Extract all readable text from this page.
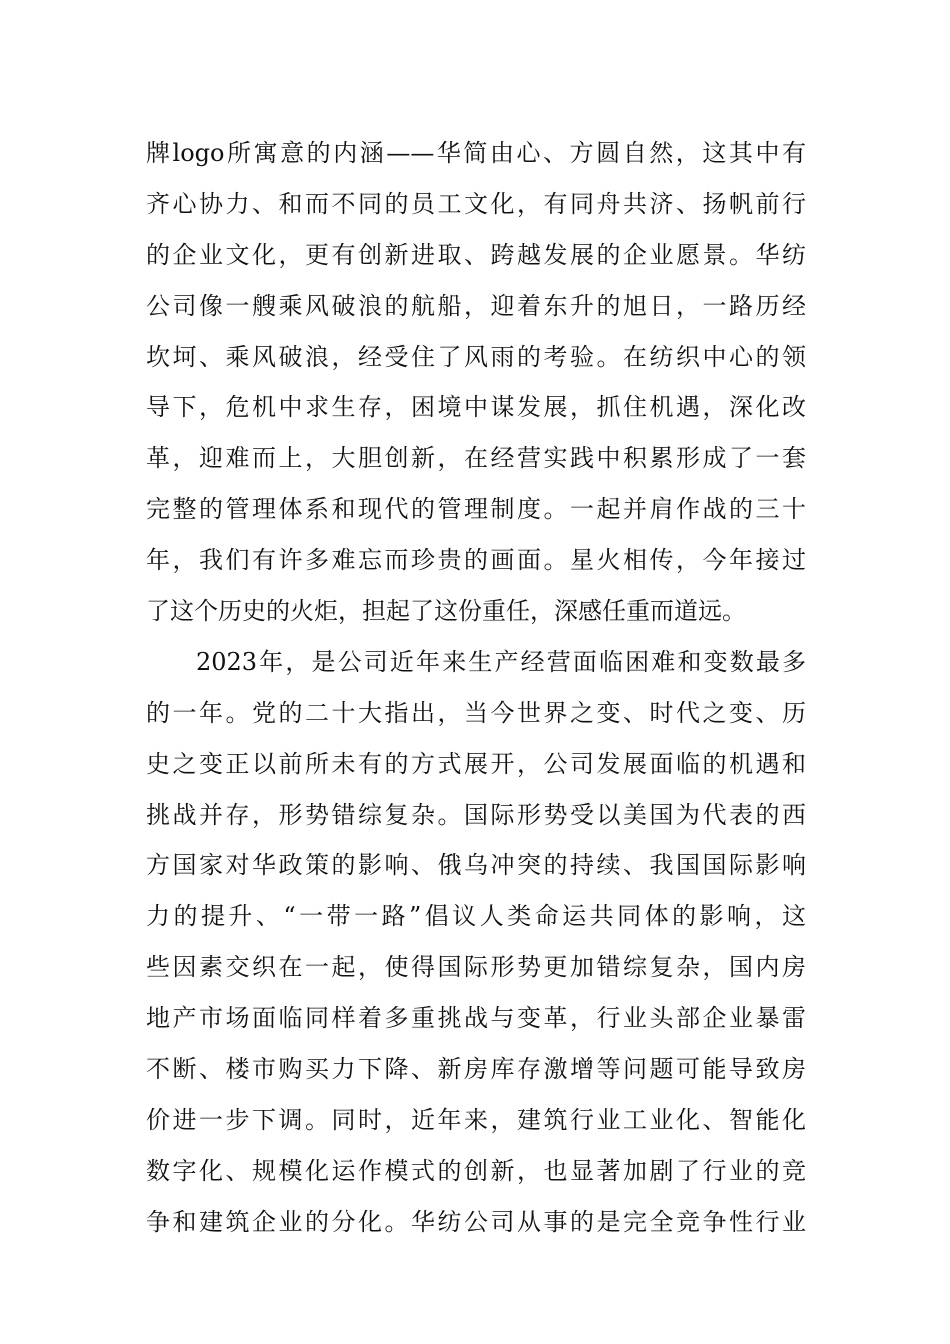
牌logo所寓意的内涵——华简由心、方圆自然，这其中有
齐心协力、和而不同的员工文化，有同舟共济、扬帆前行
的企业文化，更有创新进取、跨越发展的企业愿景。华纺
公司像一艘乘风破浪的航船，迎着东升的旭日，一路历经
坎坷、乘风破浪，经受住了风雨的考验。在纺织中心的领
导下，危机中求生存，困境中谋发展，抓住机遇，深化改
革，迎难而上，大胆创新，在经营实践中积累形成了一套
完整的管理体系和现代的管理制度。一起并肩作战的三十
年，我们有许多难忘而珍贵的画面。星火相传，今年接过
了这个历史的火炬，担起了这份重任，深感任重而道远。
2023年，是公司近年来生产经营面临困难和变数最多
的一年。党的二十大指出，当今世界之变、时代之变、历
史之变正以前所未有的方式展开，公司发展面临的机遇和
挑战并存，形势错综复杂。国际形势受以美国为代表的西
方国家对华政策的影响、俄乌冲突的持续、我国国际影响
力的提升、“一带一路”倡议人类命运共同体的影响，这
些因素交织在一起，使得国际形势更加错综复杂，国内房
地产市场面临同样着多重挑战与变革，行业头部企业暴雷
不断、楼市购买力下降、新房库存激增等问题可能导致房
价进一步下调。同时，近年来，建筑行业工业化、智能化
数字化、规模化运作模式的创新，也显著加剧了行业的竞
争和建筑企业的分化。华纺公司从事的是完全竞争性行业
